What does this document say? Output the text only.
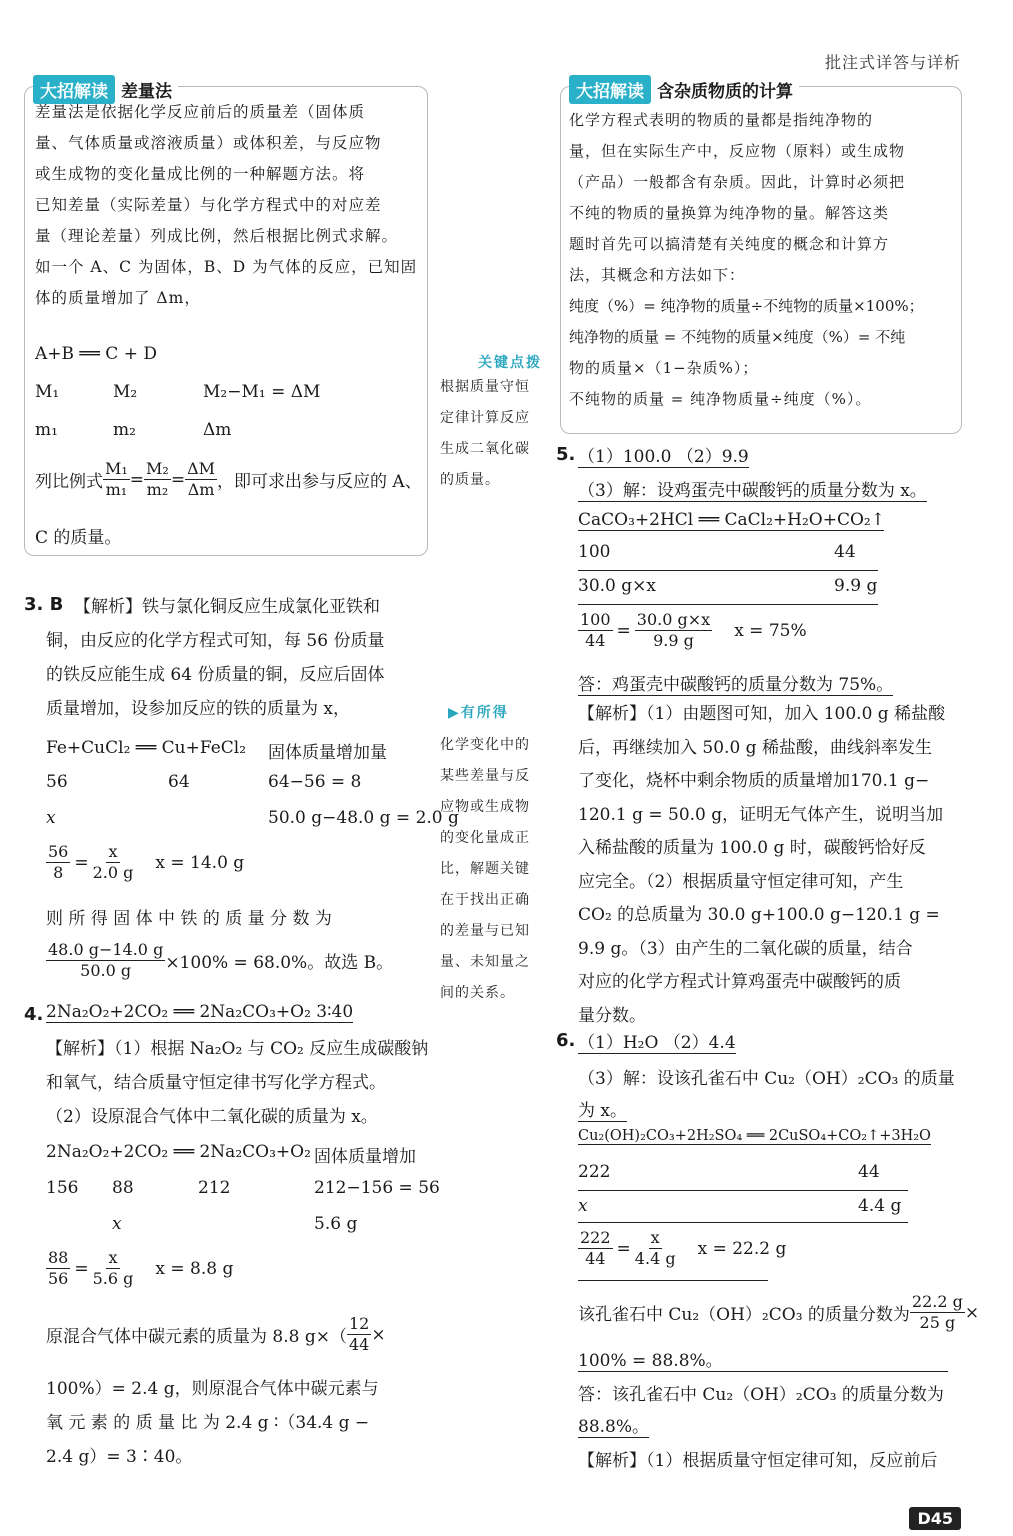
批注式详答与详析
大招解读 差量法
差量法是依据化学反应前后的质量差（固体质
量、气体质量或溶液质量）或体积差，与反应物
或生成物的变化量成比例的一种解题方法。将
已知差量（实际差量）与化学方程式中的对应差
量（理论差量）列成比例，然后根据比例式求解。
如一个 A、C 为固体，B、D 为气体的反应，已知固
体的质量增加了 Δm，
A+B ══ C + D
M₁	M₂	M₂−M₁ = ΔM
m₁	m₂	Δm
列比例式 $\frac{\text{M₁}}{\text{m₁}} = \frac{\text{M₂}}{\text{m₂}} = \frac{\Delta M}{\Delta m}$ ，即可求出参与反应的 A、
C 的质量。
大招解读 含杂质物质的计算
化学方程式表明的物质的量都是指纯净物的
量，但在实际生产中，反应物（原料）或生成物
（产品）一般都含有杂质。因此，计算时必须把
不纯的物质的量换算为纯净物的量。解答这类
题时首先可以搞清楚有关纯度的概念和计算方
法，其概念和方法如下：
纯度（%）= 纯净物的质量÷不纯物的质量×100%；
纯净物的质量 = 不纯物的质量×纯度（%）= 不纯
物的质量×（1−杂质%）；
不纯物的质量 = 纯净物质量÷纯度（%）。
关键点拨
根据质量守恒
定律计算反应
生成二氧化碳
的质量。
▶有所得
化学变化中的
某些差量与反
应物或生成物
的变化量成正
比，解题关键
在于找出正确
的差量与已知
量、未知量之
间的关系。
3. B 【解析】铁与氯化铜反应生成氯化亚铁和
铜，由反应的化学方程式可知，每 56 份质量
的铁反应能生成 64 份质量的铜，反应后固体
质量增加，设参加反应的铁的质量为 x，
Fe+CuCl₂ ══ Cu+FeCl₂ 固体质量增加量
56	64	64−56 = 8
x	50.0 g−48.0 g = 2.0 g
$\frac{56}{8} = \frac{x}{2.0 g}$ x = 14.0 g
则 所 得 固 体 中 铁 的 质 量 分 数 为
$\frac{48.0 g-14.0 g}{50.0 g} \times 100\% = 68.0\%$。故选 B。
4. 2Na₂O₂+2CO₂ ══ 2Na₂CO₃+O₂ 3∶40
【解析】（1）根据 Na₂O₂ 与 CO₂ 反应生成碳酸钠
和氧气，结合质量守恒定律书写化学方程式。
（2）设原混合气体中二氧化碳的质量为 x。
2Na₂O₂+2CO₂ ══ 2Na₂CO₃+O₂ 固体质量增加
156 88	212	212−156 = 56
x	5.6 g
$\frac{88}{56} = \frac{x}{5.6 g}$ x = 8.8 g
原混合气体中碳元素的质量为 8.8 $g\times( \frac{12}{44}$ ×
100%）= 2.4 g，则原混合气体中碳元素与
氧 元 素 的 质 量 比 为 2.4 g ∶（34.4 g −
2.4 g）= 3∶40。
5. （1）100.0 （2）9.9
（3）解：设鸡蛋壳中碳酸钙的质量分数为 x。
CaCO₃+2HCl ══ CaCl₂+H₂O+CO₂↑
100	44
30.0 g×x	9.9 g
$\frac{100}{44} = \frac{30.0 g\times x}{9.9 g}$ x = 75%
答：鸡蛋壳中碳酸钙的质量分数为 75%。
【解析】（1）由题图可知，加入 100.0 g 稀盐酸
后，再继续加入 50.0 g 稀盐酸，曲线斜率发生
了变化，烧杯中剩余物质的质量增加170.1 g−
120.1 g = 50.0 g，证明无气体产生，说明当加
入稀盐酸的质量为 100.0 g 时，碳酸钙恰好反
应完全。（2）根据质量守恒定律可知，产生
CO₂ 的总质量为 30.0 g+100.0 g−120.1 g =
9.9 g。（3）由产生的二氧化碳的质量，结合
对应的化学方程式计算鸡蛋壳中碳酸钙的质
量分数。
6. （1）H₂O （2）4.4
（3）解：设该孔雀石中 Cu₂（OH）₂CO₃ 的质量
为 x。
Cu₂(OH)₂CO₃+2H₂SO₄ ══ 2CuSO₄+CO₂↑+3H₂O
222	44
x	4.4 g
$\frac{222}{44} = \frac{x}{4.4 g}$ x = 22.2 g
该孔雀石中 Cu₂（OH）₂CO₃ 的质量分数为 $\frac{22.2 g}{25 g}$ ×
100% = 88.8%。
答：该孔雀石中 Cu₂（OH）₂CO₃ 的质量分数为
88.8%。
【解析】（1）根据质量守恒定律可知，反应前后
D45
